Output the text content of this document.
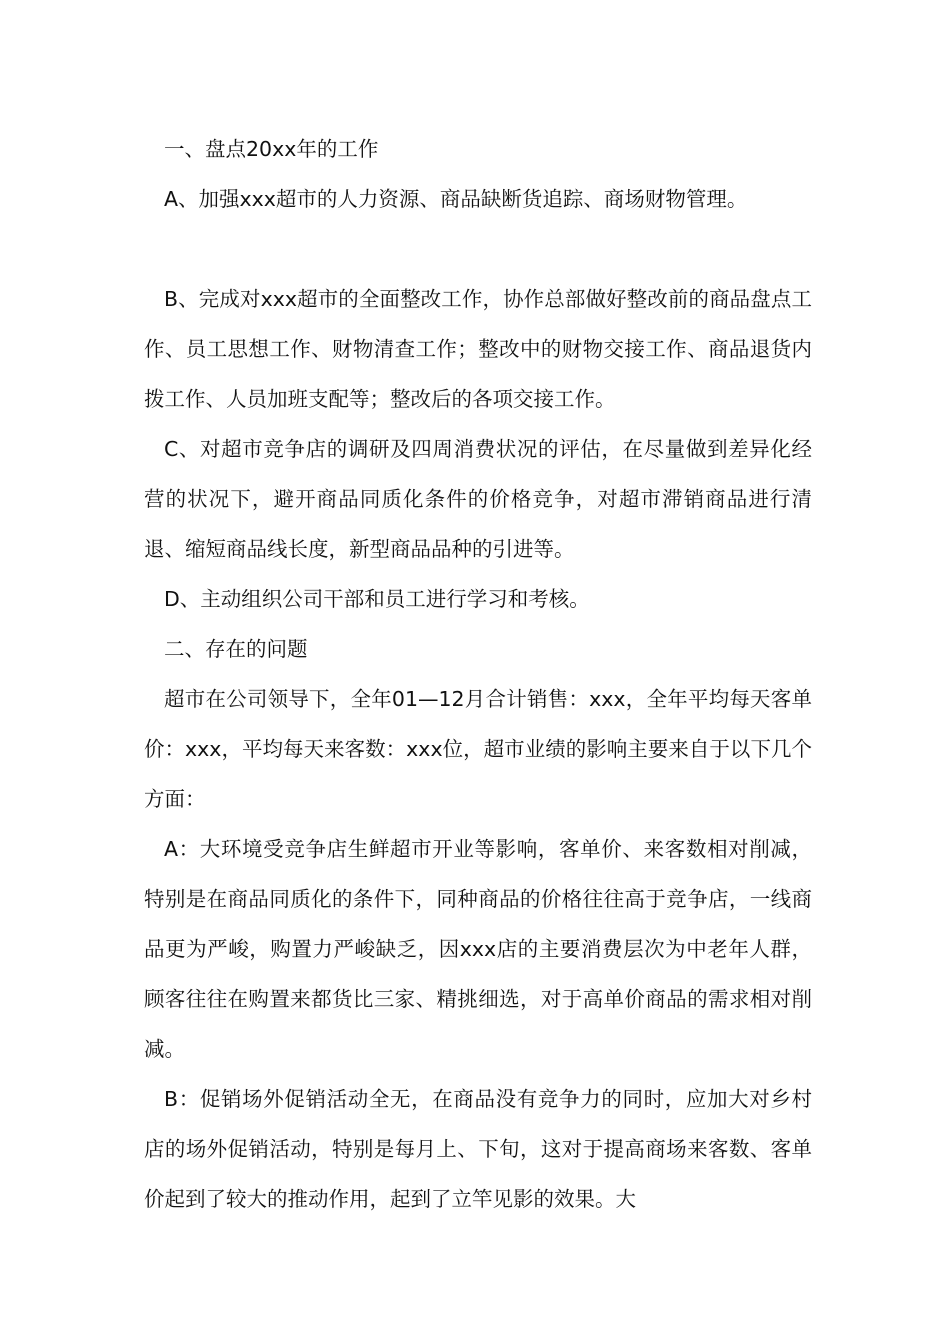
一、盘点20xx年的工作

A、加强xxx超市的人力资源、商品缺断货追踪、商场财物管理。

B、完成对xxx超市的全面整改工作，协作总部做好整改前的商品盘点工作、员工思想工作、财物清查工作；整改中的财物交接工作、商品退货内拨工作、人员加班支配等；整改后的各项交接工作。

C、对超市竞争店的调研及四周消费状况的评估，在尽量做到差异化经营的状况下，避开商品同质化条件的价格竞争，对超市滞销商品进行清退、缩短商品线长度，新型商品品种的引进等。

D、主动组织公司干部和员工进行学习和考核。

二、存在的问题

超市在公司领导下，全年01—12月合计销售：xxx，全年平均每天客单价：xxx，平均每天来客数：xxx位，超市业绩的影响主要来自于以下几个方面：

A：大环境受竞争店生鲜超市开业等影响，客单价、来客数相对削减，特别是在商品同质化的条件下，同种商品的价格往往高于竞争店，一线商品更为严峻，购置力严峻缺乏，因xxx店的主要消费层次为中老年人群，顾客往往在购置来都货比三家、精挑细选，对于高单价商品的需求相对削减。

B：促销场外促销活动全无，在商品没有竞争力的同时，应加大对乡村店的场外促销活动，特别是每月上、下旬，这对于提高商场来客数、客单价起到了较大的推动作用，起到了立竿见影的效果。大
